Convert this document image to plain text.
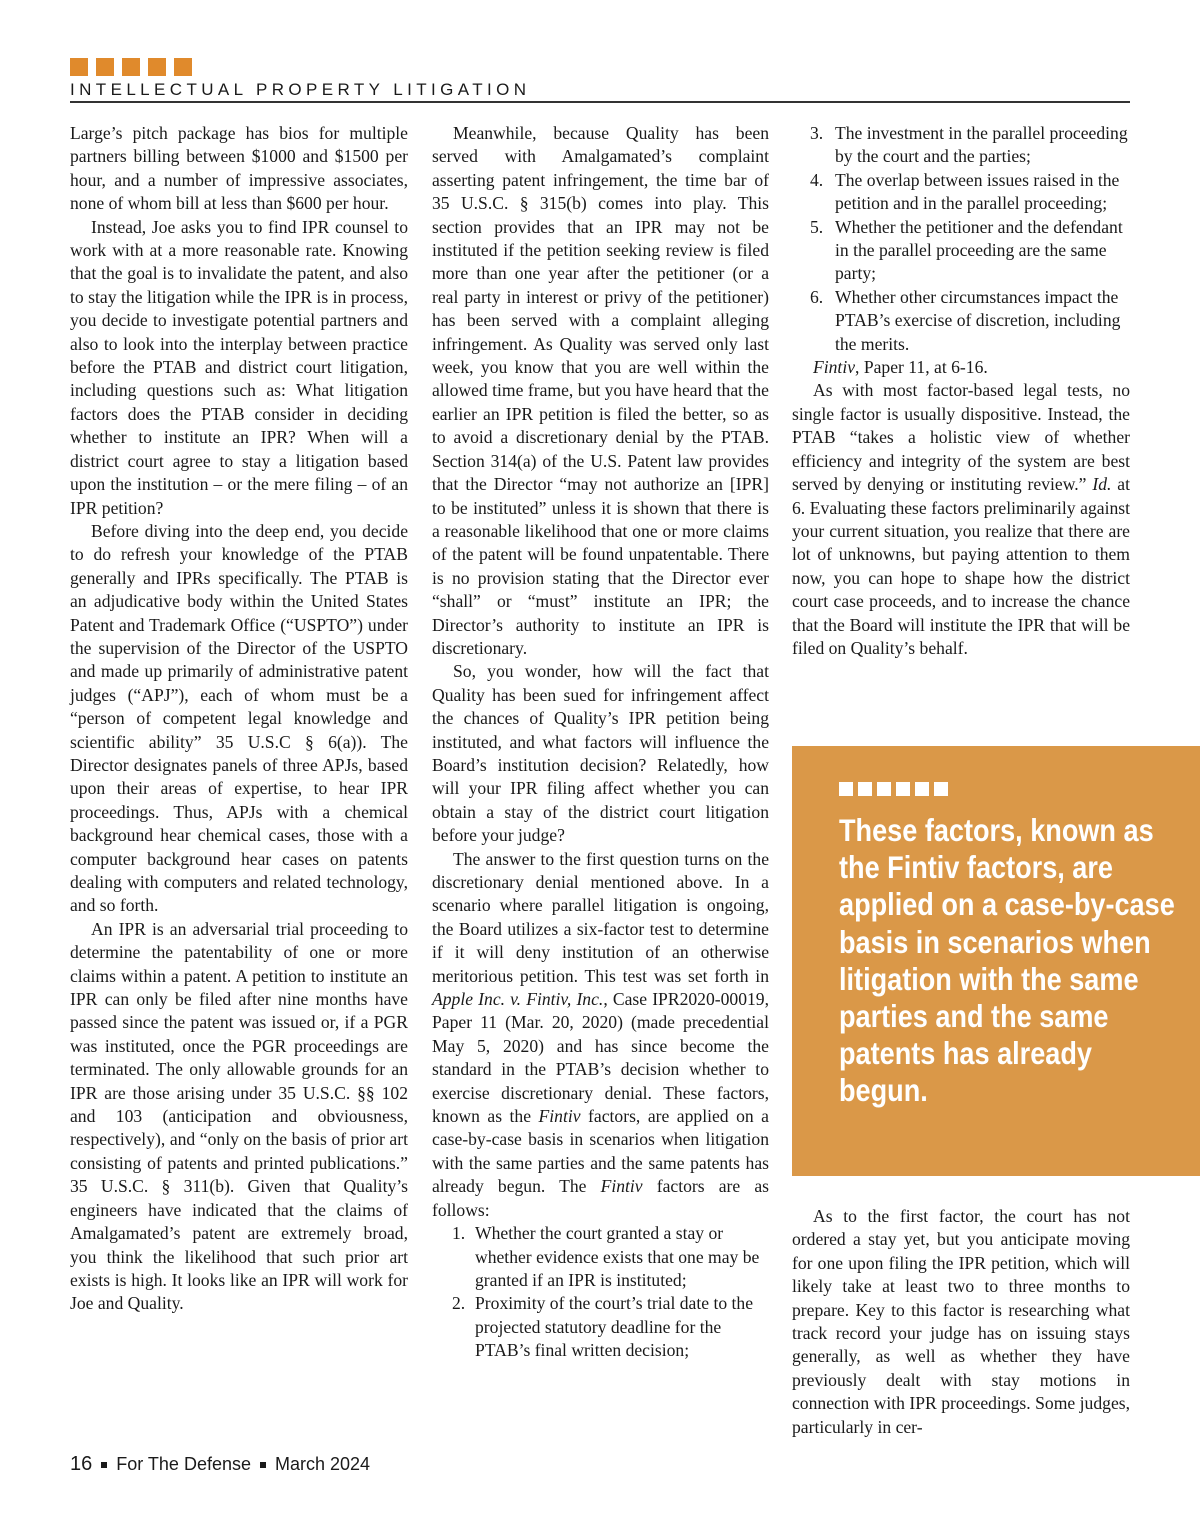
INTELLECTUAL PROPERTY LITIGATION

Large’s pitch package has bios for multiple partners billing between $1000 and $1500 per hour, and a number of impressive associates, none of whom bill at less than $600 per hour.

Instead, Joe asks you to find IPR counsel to work with at a more reasonable rate. Knowing that the goal is to invalidate the patent, and also to stay the litigation while the IPR is in process, you decide to investigate potential partners and also to look into the interplay between practice before the PTAB and district court litigation, including questions such as: What litigation factors does the PTAB consider in deciding whether to institute an IPR? When will a district court agree to stay a litigation based upon the institution – or the mere filing – of an IPR petition?

Before diving into the deep end, you decide to do refresh your knowledge of the PTAB generally and IPRs specifically. The PTAB is an adjudicative body within the United States Patent and Trademark Office (“USPTO”) under the supervision of the Director of the USPTO and made up primarily of administrative patent judges (“APJ”), each of whom must be a “person of competent legal knowledge and scientific ability” 35 U.S.C § 6(a)). The Director designates panels of three APJs, based upon their areas of expertise, to hear IPR proceedings. Thus, APJs with a chemical background hear chemical cases, those with a computer background hear cases on patents dealing with computers and related technology, and so forth.

An IPR is an adversarial trial proceeding to determine the patentability of one or more claims within a patent. A petition to institute an IPR can only be filed after nine months have passed since the patent was issued or, if a PGR was instituted, once the PGR proceedings are terminated. The only allowable grounds for an IPR are those arising under 35 U.S.C. §§ 102 and 103 (anticipation and obviousness, respectively), and “only on the basis of prior art consisting of patents and printed publications.” 35 U.S.C. § 311(b). Given that Quality’s engineers have indicated that the claims of Amalgamated’s patent are extremely broad, you think the likelihood that such prior art exists is high. It looks like an IPR will work for Joe and Quality.

Meanwhile, because Quality has been served with Amalgamated’s complaint asserting patent infringement, the time bar of 35 U.S.C. § 315(b) comes into play. This section provides that an IPR may not be instituted if the petition seeking review is filed more than one year after the petitioner (or a real party in interest or privy of the petitioner) has been served with a complaint alleging infringement. As Quality was served only last week, you know that you are well within the allowed time frame, but you have heard that the earlier an IPR petition is filed the better, so as to avoid a discretionary denial by the PTAB. Section 314(a) of the U.S. Patent law provides that the Director “may not authorize an [IPR] to be instituted” unless it is shown that there is a reasonable likelihood that one or more claims of the patent will be found unpatentable. There is no provision stating that the Director ever “shall” or “must” institute an IPR; the Director’s authority to institute an IPR is discretionary.

So, you wonder, how will the fact that Quality has been sued for infringement affect the chances of Quality’s IPR petition being instituted, and what factors will influence the Board’s institution decision? Relatedly, how will your IPR filing affect whether you can obtain a stay of the district court litigation before your judge?

The answer to the first question turns on the discretionary denial mentioned above. In a scenario where parallel litigation is ongoing, the Board utilizes a six-factor test to determine if it will deny institution of an otherwise meritorious petition. This test was set forth in Apple Inc. v. Fintiv, Inc., Case IPR2020-00019, Paper 11 (Mar. 20, 2020) (made precedential May 5, 2020) and has since become the standard in the PTAB’s decision whether to exercise discretionary denial. These factors, known as the Fintiv factors, are applied on a case-by-case basis in scenarios when litigation with the same parties and the same patents has already begun. The Fintiv factors are as follows:

1. Whether the court granted a stay or whether evidence exists that one may be granted if an IPR is instituted;
2. Proximity of the court’s trial date to the projected statutory deadline for the PTAB’s final written decision;
3. The investment in the parallel proceeding by the court and the parties;
4. The overlap between issues raised in the petition and in the parallel proceeding;
5. Whether the petitioner and the defendant in the parallel proceeding are the same party;
6. Whether other circumstances impact the PTAB’s exercise of discretion, including the merits.

Fintiv, Paper 11, at 6-16.

As with most factor-based legal tests, no single factor is usually dispositive. Instead, the PTAB “takes a holistic view of whether efficiency and integrity of the system are best served by denying or instituting review.” Id. at 6. Evaluating these factors preliminarily against your current situation, you realize that there are lot of unknowns, but paying attention to them now, you can hope to shape how the district court case proceeds, and to increase the chance that the Board will institute the IPR that will be filed on Quality’s behalf.

These factors, known as the Fintiv factors, are applied on a case-by-case basis in scenarios when litigation with the same parties and the same patents has already begun.

As to the first factor, the court has not ordered a stay yet, but you anticipate moving for one upon filing the IPR petition, which will likely take at least two to three months to prepare. Key to this factor is researching what track record your judge has on issuing stays generally, as well as whether they have previously dealt with stay motions in connection with IPR proceedings. Some judges, particularly in cer-

16 For The Defense March 2024
